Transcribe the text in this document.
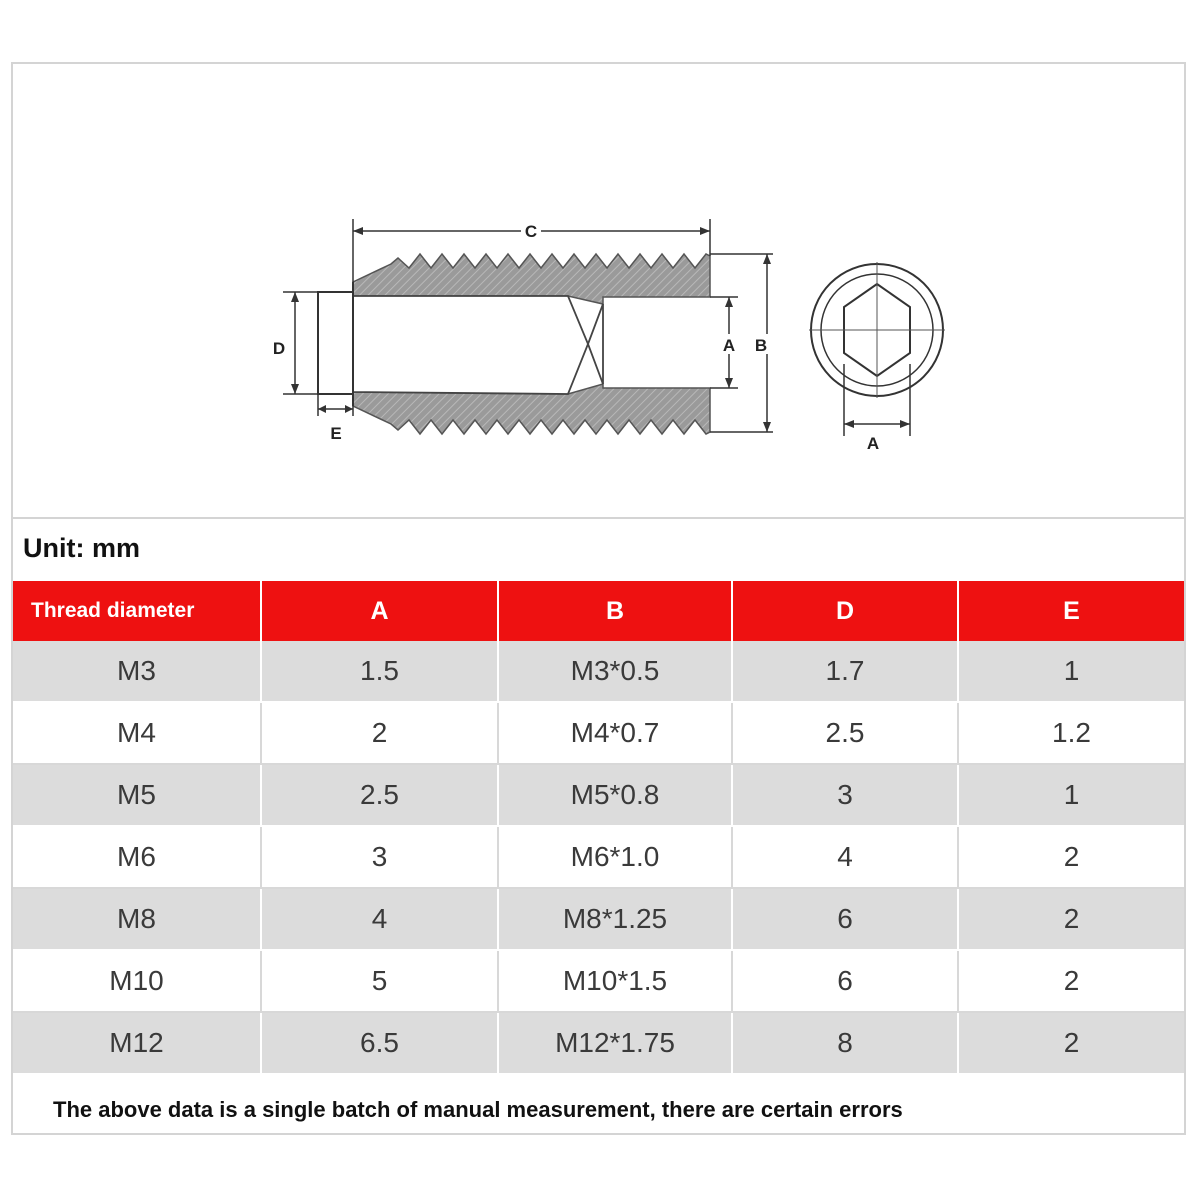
C
D
E
A B
A
Unit: mm
Thread diameter	A	B	D	E
M3	1.5	M3*0.5	1.7	1
M4	2	M4*0.7	2.5	1.2
M5	2.5	M5*0.8	3	1
M6	3	M6*1.0	4	2
M8	4	M8*1.25	6	2
M10	5	M10*1.5	6	2
M12	6.5	M12*1.75	8	2
The above data is a single batch of manual measurement, there are certain errors
